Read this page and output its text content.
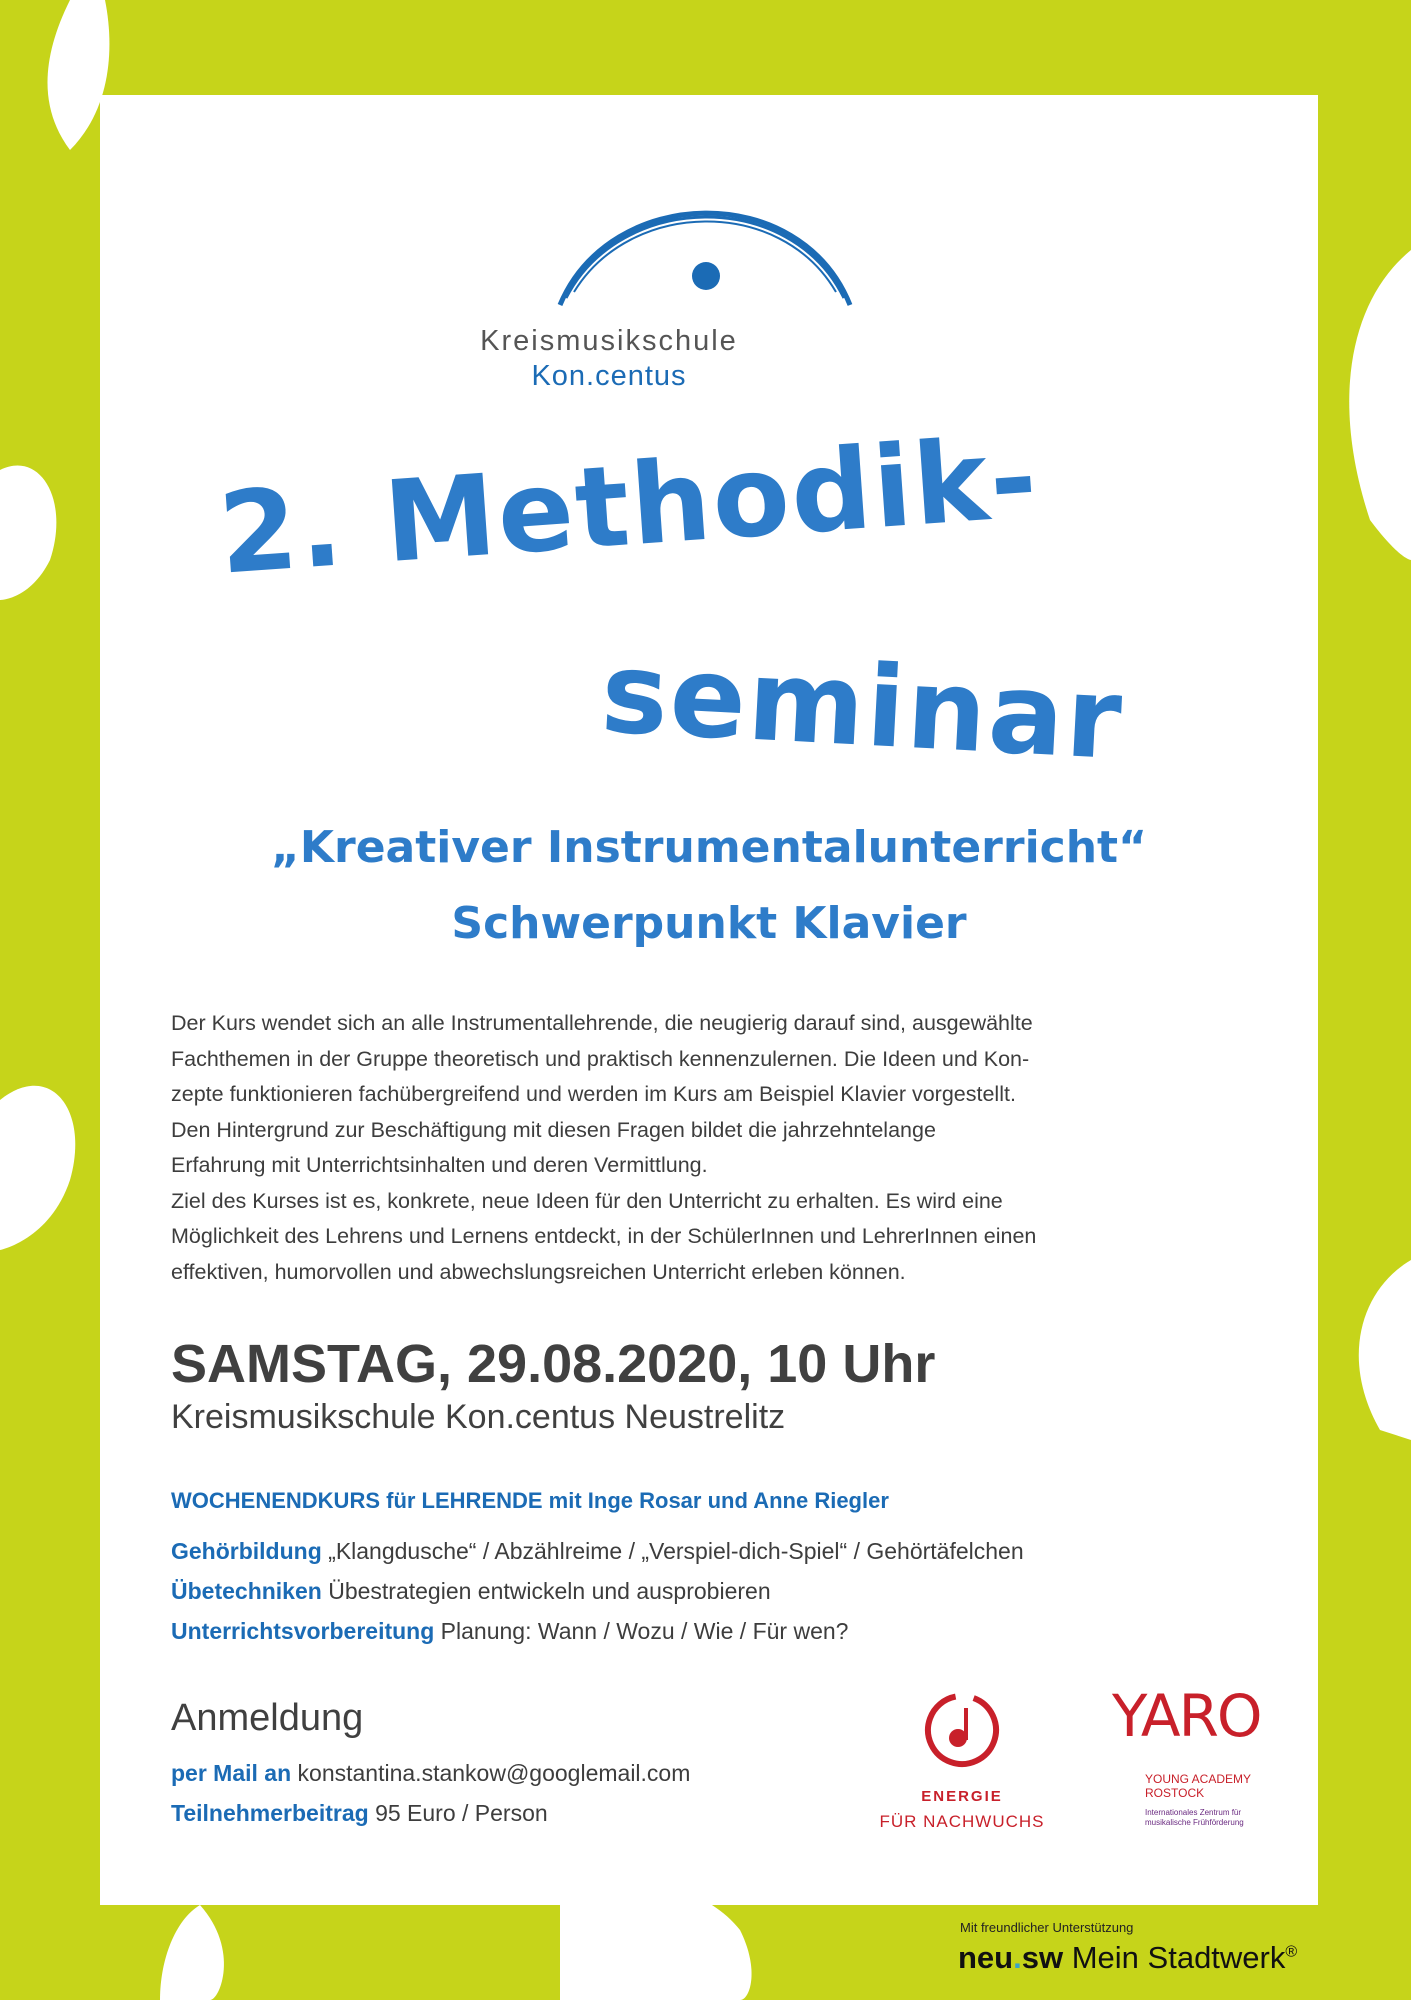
Kreismusikschule
Kon.centus
2. Methodik-
seminar
„Kreativer Instrumentalunterricht“
Schwerpunkt Klavier
Der Kurs wendet sich an alle Instrumentallehrende, die neugierig darauf sind, ausgewählte
Fachthemen in der Gruppe theoretisch und praktisch kennenzulernen. Die Ideen und Kon-
zepte funktionieren fachübergreifend und werden im Kurs am Beispiel Klavier vorgestellt.
Den Hintergrund zur Beschäftigung mit diesen Fragen bildet die jahrzehntelange
Erfahrung mit Unterrichtsinhalten und deren Vermittlung.
Ziel des Kurses ist es, konkrete, neue Ideen für den Unterricht zu erhalten. Es wird eine
Möglichkeit des Lehrens und Lernens entdeckt, in der SchülerInnen und LehrerInnen einen
effektiven, humorvollen und abwechslungsreichen Unterricht erleben können.
SAMSTAG, 29.08.2020, 10 Uhr
Kreismusikschule Kon.centus Neustrelitz
WOCHENENDKURS für LEHRENDE mit Inge Rosar und Anne Riegler
Gehörbildung „Klangdusche“ / Abzählreime / „Verspiel-dich-Spiel“ / Gehörtäfelchen
Übetechniken Übestrategien entwickeln und ausprobieren
Unterrichtsvorbereitung Planung: Wann / Wozu / Wie / Für wen?
Anmeldung
per Mail an konstantina.stankow@googlemail.com
Teilnehmerbeitrag 95 Euro / Person
ENERGIE
FÜR NACHWUCHS
YARO
YOUNG ACADEMY
ROSTOCK
Internationales Zentrum für
musikalische Frühförderung
Mit freundlicher Unterstützung
neu.sw Mein Stadtwerk®
